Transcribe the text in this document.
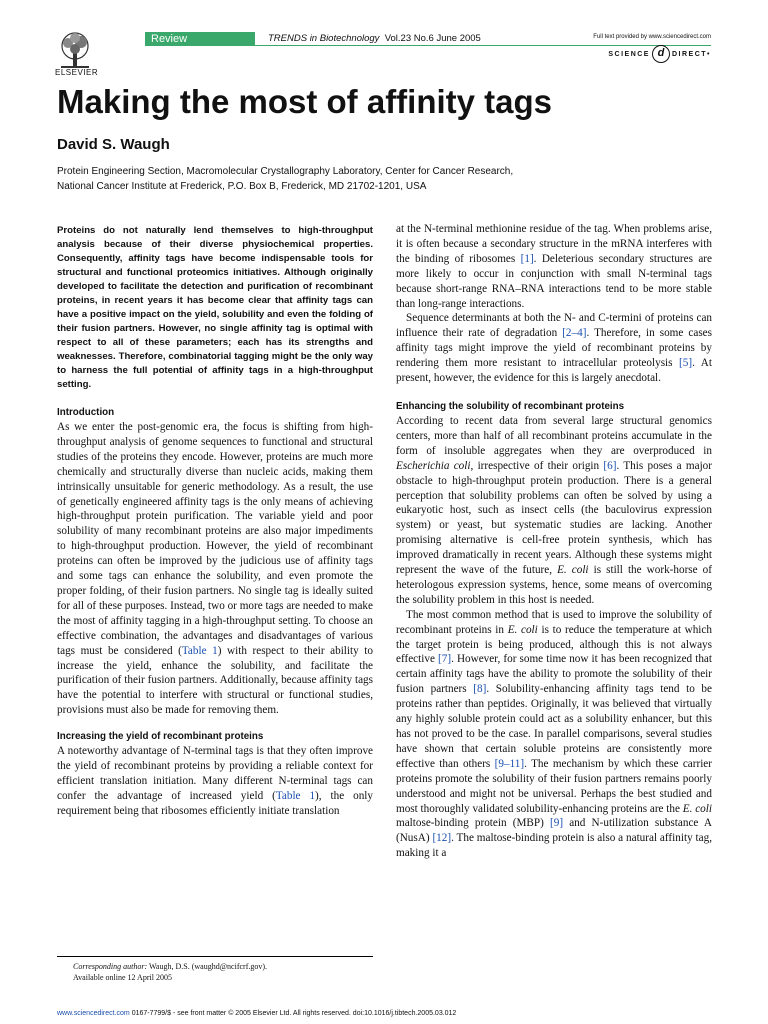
ELSEVIER
Review	TRENDS in Biotechnology Vol.23 No.6 June 2005	Full text provided by www.sciencedirect.com
SCIENCE d DIRECT•
Making the most of affinity tags
David S. Waugh
Protein Engineering Section, Macromolecular Crystallography Laboratory, Center for Cancer Research,
National Cancer Institute at Frederick, P.O. Box B, Frederick, MD 21702-1201, USA
Proteins do not naturally lend themselves to high-throughput analysis because of their diverse physiochemical properties. Consequently, affinity tags have become indispensable tools for structural and functional proteomics initiatives. Although originally developed to facilitate the detection and purification of recombinant proteins, in recent years it has become clear that affinity tags can have a positive impact on the yield, solubility and even the folding of their fusion partners. However, no single affinity tag is optimal with respect to all of these parameters; each has its strengths and weaknesses. Therefore, combinatorial tagging might be the only way to harness the full potential of affinity tags in a high-throughput setting.
Introduction

As we enter the post-genomic era, the focus is shifting from high-throughput analysis of genome sequences to functional and structural studies of the proteins they encode. However, proteins are much more chemically and structurally diverse than nucleic acids, making them intrinsically unsuitable for generic methodology. As a result, the use of genetically engineered affinity tags is the only means of achieving high-throughput protein purification. The variable yield and poor solubility of many recombinant proteins are also major impediments to high-throughput production. However, the yield of recombinant proteins can often be improved by the judicious use of affinity tags and some tags can enhance the solubility, and even promote the proper folding, of their fusion partners. No single tag is ideally suited for all of these purposes. Instead, two or more tags are needed to make the most of affinity tagging in a high-throughput setting. To choose an effective combination, the advantages and disadvantages of various tags must be considered (Table 1) with respect to their ability to increase the yield, enhance the solubility, and facilitate the purification of their fusion partners. Additionally, because affinity tags have the potential to interfere with structural or functional studies, provisions must also be made for removing them.

Increasing the yield of recombinant proteins

A noteworthy advantage of N-terminal tags is that they often improve the yield of recombinant proteins by providing a reliable context for efficient translation initiation. Many different N-terminal tags can confer the advantage of increased yield (Table 1), the only requirement being that ribosomes efficiently initiate translation

at the N-terminal methionine residue of the tag. When problems arise, it is often because a secondary structure in the mRNA interferes with the binding of ribosomes [1]. Deleterious secondary structures are more likely to occur in conjunction with small N-terminal tags because short-range RNA–RNA interactions tend to be more stable than long-range interactions.

Sequence determinants at both the N- and C-termini of proteins can influence their rate of degradation [2–4]. Therefore, in some cases affinity tags might improve the yield of recombinant proteins by rendering them more resistant to intracellular proteolysis [5]. At present, however, the evidence for this is largely anecdotal.

Enhancing the solubility of recombinant proteins

According to recent data from several large structural genomics centers, more than half of all recombinant proteins accumulate in the form of insoluble aggregates when they are overproduced in Escherichia coli, irrespective of their origin [6]. This poses a major obstacle to high-throughput protein production. There is a general perception that solubility problems can often be solved by using a eukaryotic host, such as insect cells (the baculovirus expression system) or yeast, but systematic studies are lacking. Another promising alternative is cell-free protein synthesis, which has improved dramatically in recent years. Although these systems might represent the wave of the future, E. coli is still the work-horse of heterologous expression systems, hence, some means of overcoming the solubility problem in this host is needed.

The most common method that is used to improve the solubility of recombinant proteins in E. coli is to reduce the temperature at which the target protein is being produced, although this is not always effective [7]. However, for some time now it has been recognized that certain affinity tags have the ability to promote the solubility of their fusion partners [8]. Solubility-enhancing affinity tags tend to be proteins rather than peptides. Originally, it was believed that virtually any highly soluble protein could act as a solubility enhancer, but this has not proved to be the case. In parallel comparisons, several studies have shown that certain soluble proteins are consistently more effective than others [9–11]. The mechanism by which these carrier proteins promote the solubility of their fusion partners remains poorly understood and might not be universal. Perhaps the best studied and most thoroughly validated solubility-enhancing proteins are the E. coli maltose-binding protein (MBP) [9] and N-utilization substance A (NusA) [12]. The maltose-binding protein is also a natural affinity tag, making it a

Corresponding author: Waugh, D.S. (waughd@ncifcrf.gov).
Available online 12 April 2005
www.sciencedirect.com 0167-7799/$ - see front matter © 2005 Elsevier Ltd. All rights reserved. doi:10.1016/j.tibtech.2005.03.012
